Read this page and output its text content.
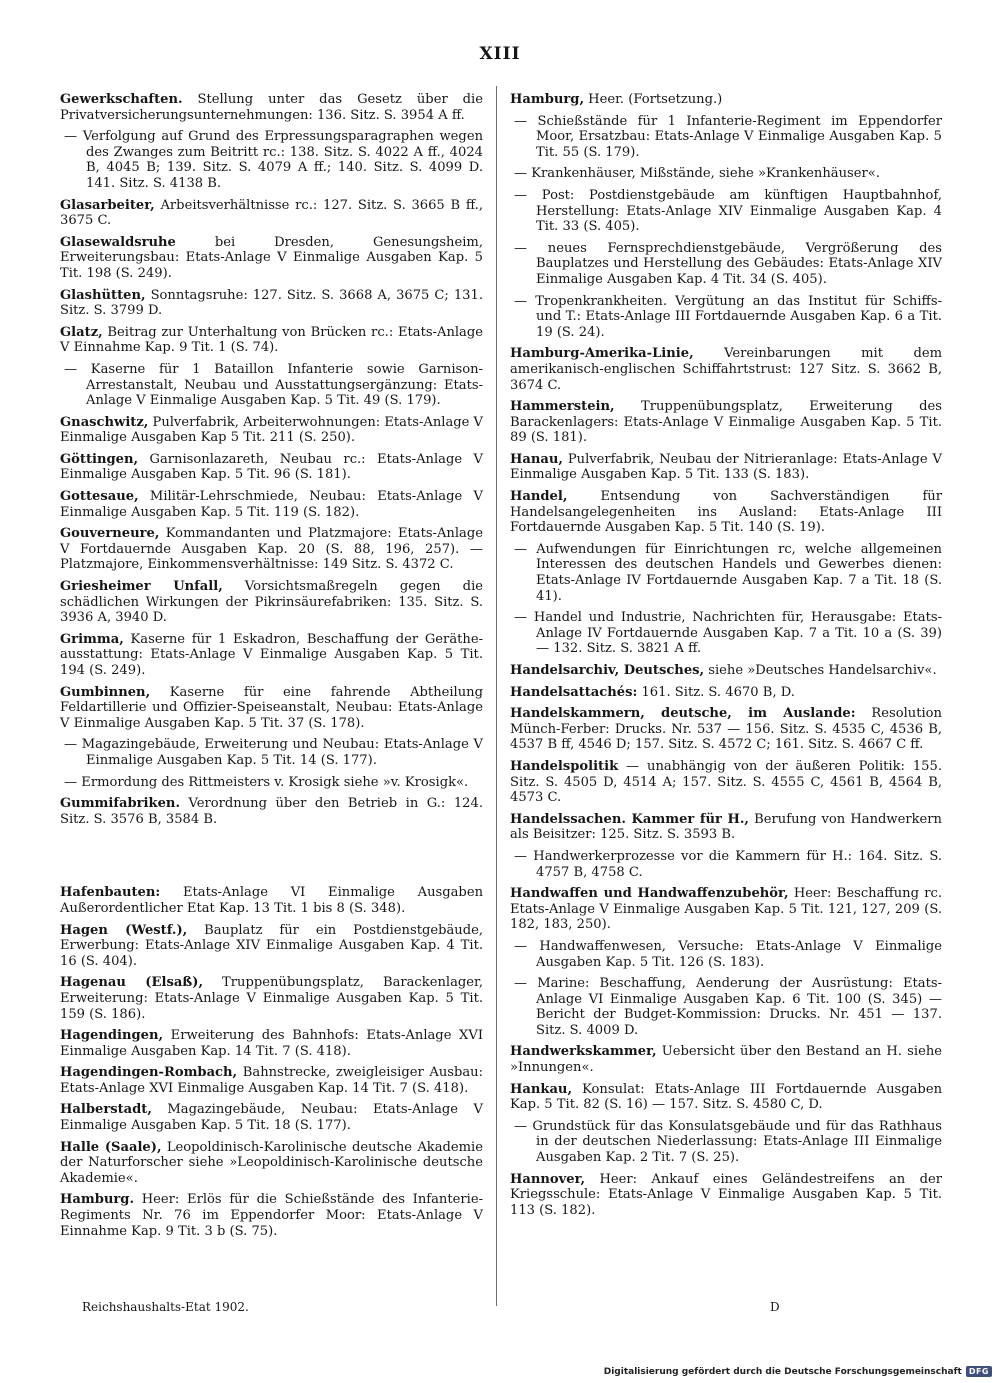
XIII
Gewerkschaften. Stellung unter das Gesetz über die Privatversicherungsunternehmungen: 136. Sitz. S. 3954 A ff.
— Verfolgung auf Grund des Erpressungsparagraphen wegen des Zwanges zum Beitritt rc.: 138. Sitz. S. 4022 A ff., 4024 B, 4045 B; 139. Sitz. S. 4079 A ff.; 140. Sitz. S. 4099 D. 141. Sitz. S. 4138 B.
Glasarbeiter, Arbeitsverhältnisse rc.: 127. Sitz. S. 3665 B ff., 3675 C.
Glasewaldsruhe bei Dresden, Genesungsheim, Erweiterungsbau: Etats-Anlage V Einmalige Ausgaben Kap. 5 Tit. 198 (S. 249).
Glashütten, Sonntagsruhe: 127. Sitz. S. 3668 A, 3675 C; 131. Sitz. S. 3799 D.
Glatz, Beitrag zur Unterhaltung von Brücken rc.: Etats-Anlage V Einnahme Kap. 9 Tit. 1 (S. 74).
— Kaserne für 1 Bataillon Infanterie sowie Garnison-Arrestanstalt, Neubau und Ausstattungsergänzung: Etats-Anlage V Einmalige Ausgaben Kap. 5 Tit. 49 (S. 179).
Gnaschwitz, Pulverfabrik, Arbeiterwohnungen: Etats-Anlage V Einmalige Ausgaben Kap 5 Tit. 211 (S. 250).
Göttingen, Garnisonlazareth, Neubau rc.: Etats-Anlage V Einmalige Ausgaben Kap. 5 Tit. 96 (S. 181).
Gottesaue, Militär-Lehrschmiede, Neubau: Etats-Anlage V Einmalige Ausgaben Kap. 5 Tit. 119 (S. 182).
Gouverneure, Kommandanten und Platzmajore: Etats-Anlage V Fortdauernde Ausgaben Kap. 20 (S. 88, 196, 257). — Platzmajore, Einkommensverhältnisse: 149 Sitz. S. 4372 C.
Griesheimer Unfall, Vorsichtsmaßregeln gegen die schädlichen Wirkungen der Pikrinsäurefabriken: 135. Sitz. S. 3936 A, 3940 D.
Grimma, Kaserne für 1 Eskadron, Beschaffung der Geräthe-ausstattung: Etats-Anlage V Einmalige Ausgaben Kap. 5 Tit. 194 (S. 249).
Gumbinnen, Kaserne für eine fahrende Abtheilung Feldartillerie und Offizier-Speiseanstalt, Neubau: Etats-Anlage V Einmalige Ausgaben Kap. 5 Tit. 37 (S. 178).
— Magazingebäude, Erweiterung und Neubau: Etats-Anlage V Einmalige Ausgaben Kap. 5 Tit. 14 (S. 177).
— Ermordung des Rittmeisters v. Krosigk siehe »v. Krosigk«.
Gummifabriken. Verordnung über den Betrieb in G.: 124. Sitz. S. 3576 B, 3584 B.
Hafenbauten: Etats-Anlage VI Einmalige Ausgaben Außerordentlicher Etat Kap. 13 Tit. 1 bis 8 (S. 348).
Hagen (Westf.), Bauplatz für ein Postdienstgebäude, Erwerbung: Etats-Anlage XIV Einmalige Ausgaben Kap. 4 Tit. 16 (S. 404).
Hagenau (Elsaß), Truppenübungsplatz, Barackenlager, Erweiterung: Etats-Anlage V Einmalige Ausgaben Kap. 5 Tit. 159 (S. 186).
Hagendingen, Erweiterung des Bahnhofs: Etats-Anlage XVI Einmalige Ausgaben Kap. 14 Tit. 7 (S. 418).
Hagendingen-Rombach, Bahnstrecke, zweigleisiger Ausbau: Etats-Anlage XVI Einmalige Ausgaben Kap. 14 Tit. 7 (S. 418).
Halberstadt, Magazingebäude, Neubau: Etats-Anlage V Einmalige Ausgaben Kap. 5 Tit. 18 (S. 177).
Halle (Saale), Leopoldinisch-Karolinische deutsche Akademie der Naturforscher siehe »Leopoldinisch-Karolinische deutsche Akademie«.
Hamburg. Heer: Erlös für die Schießstände des Infanterie-Regiments Nr. 76 im Eppendorfer Moor: Etats-Anlage V Einnahme Kap. 9 Tit. 3 b (S. 75).
Hamburg, Heer. (Fortsetzung.)
— Schießstände für 1 Infanterie-Regiment im Eppendorfer Moor, Ersatzbau: Etats-Anlage V Einmalige Ausgaben Kap. 5 Tit. 55 (S. 179).
— Krankenhäuser, Mißstände, siehe »Krankenhäuser«.
— Post: Postdienstgebäude am künftigen Hauptbahnhof, Herstellung: Etats-Anlage XIV Einmalige Ausgaben Kap. 4 Tit. 33 (S. 405).
— neues Fernsprechdienstgebäude, Vergrößerung des Bauplatzes und Herstellung des Gebäudes: Etats-Anlage XIV Einmalige Ausgaben Kap. 4 Tit. 34 (S. 405).
— Tropenkrankheiten. Vergütung an das Institut für Schiffs- und T.: Etats-Anlage III Fortdauernde Ausgaben Kap. 6 a Tit. 19 (S. 24).
Hamburg-Amerika-Linie, Vereinbarungen mit dem amerikanisch-englischen Schiffahrtstrust: 127 Sitz. S. 3662 B, 3674 C.
Hammerstein, Truppenübungsplatz, Erweiterung des Barackenlagers: Etats-Anlage V Einmalige Ausgaben Kap. 5 Tit. 89 (S. 181).
Hanau, Pulverfabrik, Neubau der Nitrieranlage: Etats-Anlage V Einmalige Ausgaben Kap. 5 Tit. 133 (S. 183).
Handel, Entsendung von Sachverständigen für Handelsangelegenheiten ins Ausland: Etats-Anlage III Fortdauernde Ausgaben Kap. 5 Tit. 140 (S. 19).
— Aufwendungen für Einrichtungen rc, welche allgemeinen Interessen des deutschen Handels und Gewerbes dienen: Etats-Anlage IV Fortdauernde Ausgaben Kap. 7 a Tit. 18 (S. 41).
— Handel und Industrie, Nachrichten für, Herausgabe: Etats-Anlage IV Fortdauernde Ausgaben Kap. 7 a Tit. 10 a (S. 39) — 132. Sitz. S. 3821 A ff.
Handelsarchiv, Deutsches, siehe »Deutsches Handelsarchiv«.
Handelsattachés: 161. Sitz. S. 4670 B, D.
Handelskammern, deutsche, im Auslande: Resolution Münch-Ferber: Drucks. Nr. 537 — 156. Sitz. S. 4535 C, 4536 B, 4537 B ff, 4546 D; 157. Sitz. S. 4572 C; 161. Sitz. S. 4667 C ff.
Handelspolitik — unabhängig von der äußeren Politik: 155. Sitz. S. 4505 D, 4514 A; 157. Sitz. S. 4555 C, 4561 B, 4564 B, 4573 C.
Handelssachen. Kammer für H., Berufung von Handwerkern als Beisitzer: 125. Sitz. S. 3593 B.
— Handwerkerprozesse vor die Kammern für H.: 164. Sitz. S. 4757 B, 4758 C.
Handwaffen und Handwaffenzubehör, Heer: Beschaffung rc. Etats-Anlage V Einmalige Ausgaben Kap. 5 Tit. 121, 127, 209 (S. 182, 183, 250).
— Handwaffenwesen, Versuche: Etats-Anlage V Einmalige Ausgaben Kap. 5 Tit. 126 (S. 183).
— Marine: Beschaffung, Aenderung der Ausrüstung: Etats-Anlage VI Einmalige Ausgaben Kap. 6 Tit. 100 (S. 345) — Bericht der Budget-Kommission: Drucks. Nr. 451 — 137. Sitz. S. 4009 D.
Handwerkskammer, Uebersicht über den Bestand an H. siehe »Innungen«.
Hankau, Konsulat: Etats-Anlage III Fortdauernde Ausgaben Kap. 5 Tit. 82 (S. 16) — 157. Sitz. S. 4580 C, D.
— Grundstück für das Konsulatsgebäude und für das Rathhaus in der deutschen Niederlassung: Etats-Anlage III Einmalige Ausgaben Kap. 2 Tit. 7 (S. 25).
Hannover, Heer: Ankauf eines Geländestreifens an der Kriegsschule: Etats-Anlage V Einmalige Ausgaben Kap. 5 Tit. 113 (S. 182).
Reichshaushalts-Etat 1902.	D
Digitalisierung gefördert durch die Deutsche Forschungsgemeinschaft DFG
